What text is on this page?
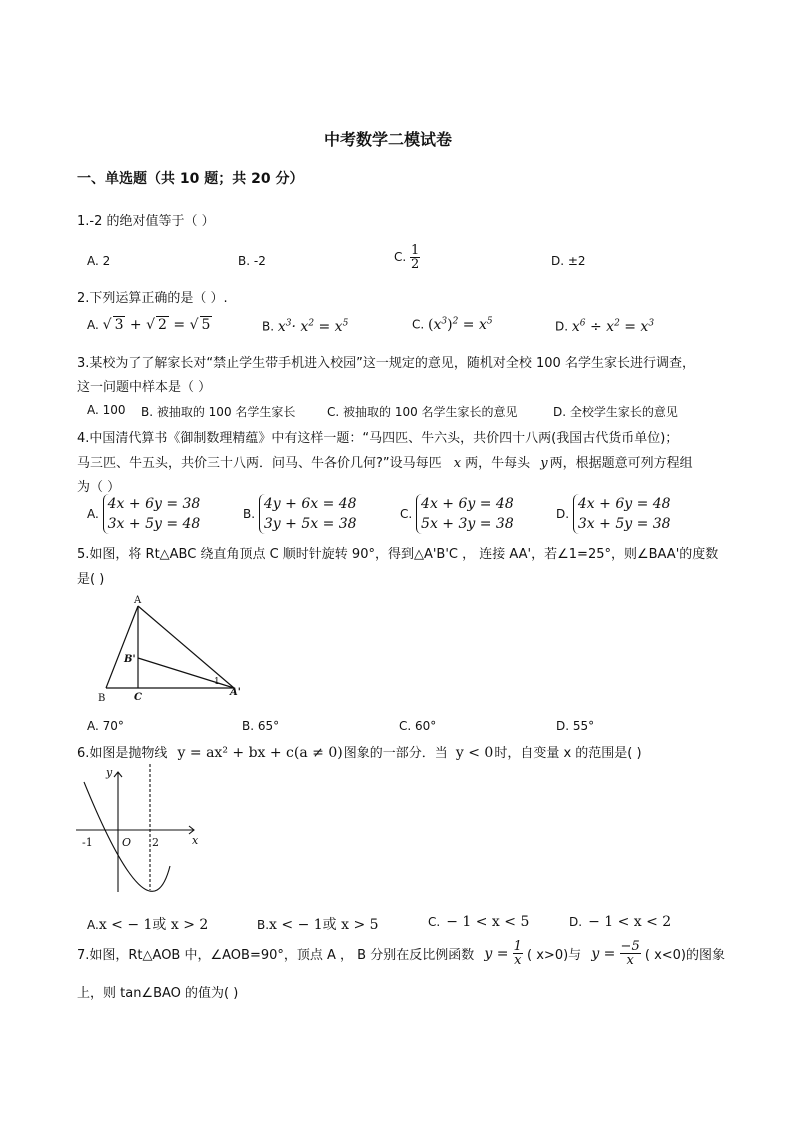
中考数学二模试卷
一、单选题（共 10 题；共 20 分）
1.-2 的绝对值等于（ ）
A. 2	B. -2	C. $\frac{1}{2}$	D. ±2
2.下列运算正确的是（ ）.
A. √ 3 + √ 2 = √ 5	B. $x^3\cdot x^2 = x^5$	C. $(x^3)^2 = x^5$	D. $x^6 \div x^2 = x^3$
3.某校为了了解家长对“禁止学生带手机进入校园”这一规定的意见，随机对全校 100 名学生家长进行调查，
这一问题中样本是（ ）
A. 100 B. 被抽取的 100 名学生家长	C. 被抽取的 100 名学生家长的意见	D. 全校学生家长的意见
4.中国清代算书《御制数理精蕴》中有这样一题：“马四匹、牛六头，共价四十八两(我国古代货币单位)；
马三匹、牛五头，共价三十八两．问马、牛各价几何?”设马每匹 x 两，牛每头 y 两，根据题意可列方程组
为（ ）
A. 4x + 6y = 38
3x + 5y = 48
B. 4y + 6x = 48
3y + 5x = 38
C. 4x + 6y = 48
5x + 3y = 38
D. 4x + 6y = 48
3x + 5y = 38
5.如图，将 Rt△ABC 绕直角顶点 C 顺时针旋转 90°，得到△A'B'C ， 连接 AA'，若∠1=25°，则∠BAA'的度数
是( )
A
B	C
B'
A'
1
A. 70°	B. 65°	C. 60°	D. 55°
6.如图是抛物线 y = ax² + bx + c(a ≠ 0)图象的一部分．当 y < 0时，自变量 x 的范围是( )
y
x
-1	O 2
A.x < − 1或 x > 2	B.x < − 1或 x > 5	C. − 1 < x < 5	D. − 1 < x < 2
7.如图，Rt△AOB 中，∠AOB=90°，顶点 A ， B 分别在反比例函数 $y = \frac{1}{x}$ ( x>0)与 $y = \frac{-5}{x}$ ( x<0)的图象
上，则 tan∠BAO 的值为( )
